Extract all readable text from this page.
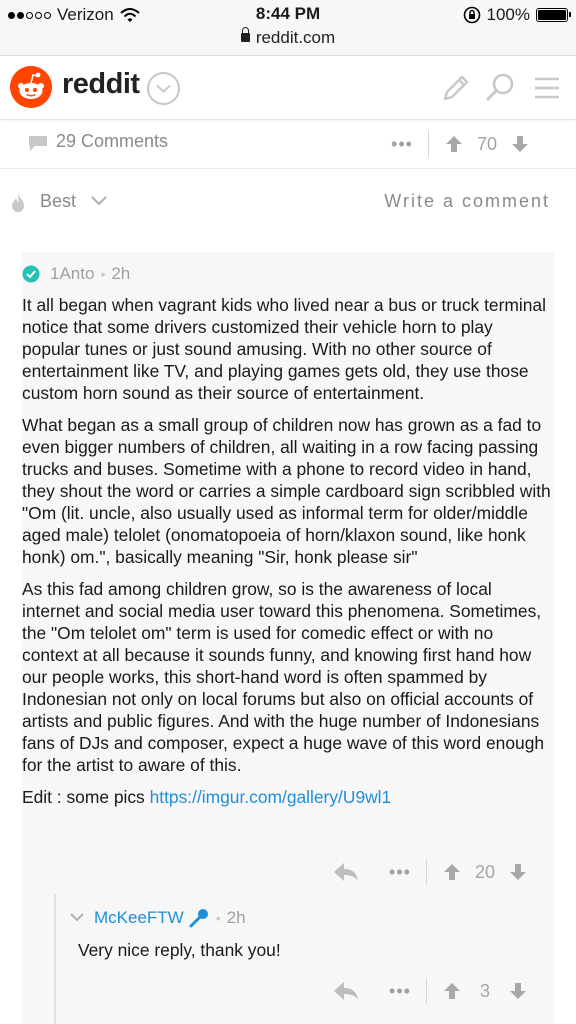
Verizon	8:44 PM	100%
reddit.com
reddit
29 Comments	•••	70
Best	Write a comment
1Anto • 2h

It all began when vagrant kids who lived near a bus or truck terminal notice that some drivers customized their vehicle horn to play popular tunes or just sound amusing. With no other source of entertainment like TV, and playing games gets old, they use those custom horn sound as their source of entertainment.

What began as a small group of children now has grown as a fad to even bigger numbers of children, all waiting in a row facing passing trucks and buses. Sometime with a phone to record video in hand, they shout the word or carries a simple cardboard sign scribbled with "Om (lit. uncle, also usually used as informal term for older/middle aged male) telolet (onomatopoeia of horn/klaxon sound, like honk honk) om.", basically meaning "Sir, honk please sir"

As this fad among children grow, so is the awareness of local internet and social media user toward this phenomena. Sometimes, the "Om telolet om" term is used for comedic effect or with no context at all because it sounds funny, and knowing first hand how our people works, this short-hand word is often spammed by Indonesian not only on local forums but also on official accounts of artists and public figures. And with the huge number of Indonesians fans of DJs and composer, expect a huge wave of this word enough for the artist to aware of this.

Edit : some pics https://imgur.com/gallery/U9wl1

•••	20
McKeeFTW • 2h
Very nice reply, thank you!
•••	3
